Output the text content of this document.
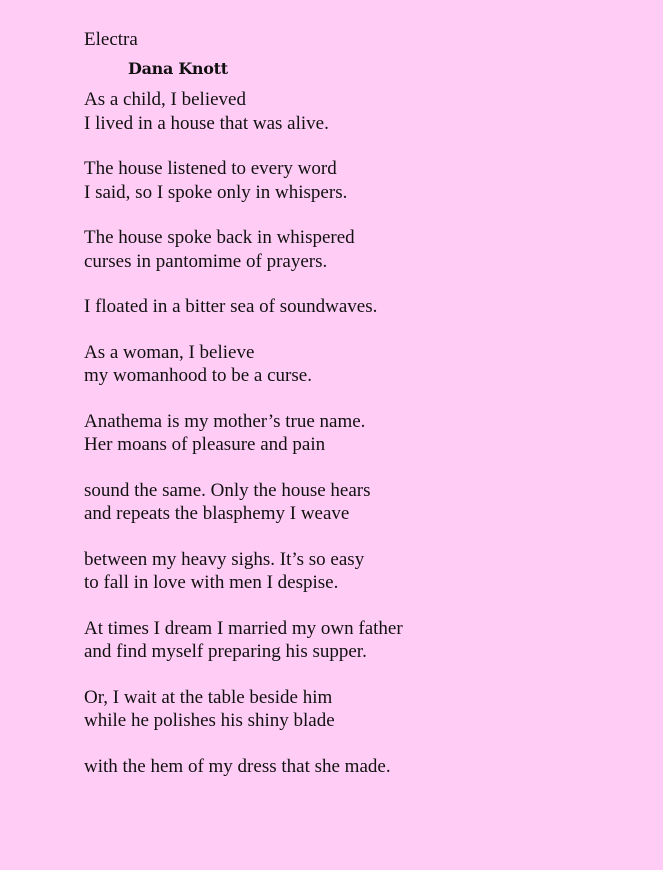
Electra
Dana Knott
As a child, I believed
I lived in a house that was alive.
The house listened to every word
I said, so I spoke only in whispers.
The house spoke back in whispered
curses in pantomime of prayers.
I floated in a bitter sea of soundwaves.
As a woman, I believe
my womanhood to be a curse.
Anathema is my mother’s true name.
Her moans of pleasure and pain
sound the same. Only the house hears
and repeats the blasphemy I weave
between my heavy sighs. It’s so easy
to fall in love with men I despise.
At times I dream I married my own father
and find myself preparing his supper.
Or, I wait at the table beside him
while he polishes his shiny blade
with the hem of my dress that she made.
